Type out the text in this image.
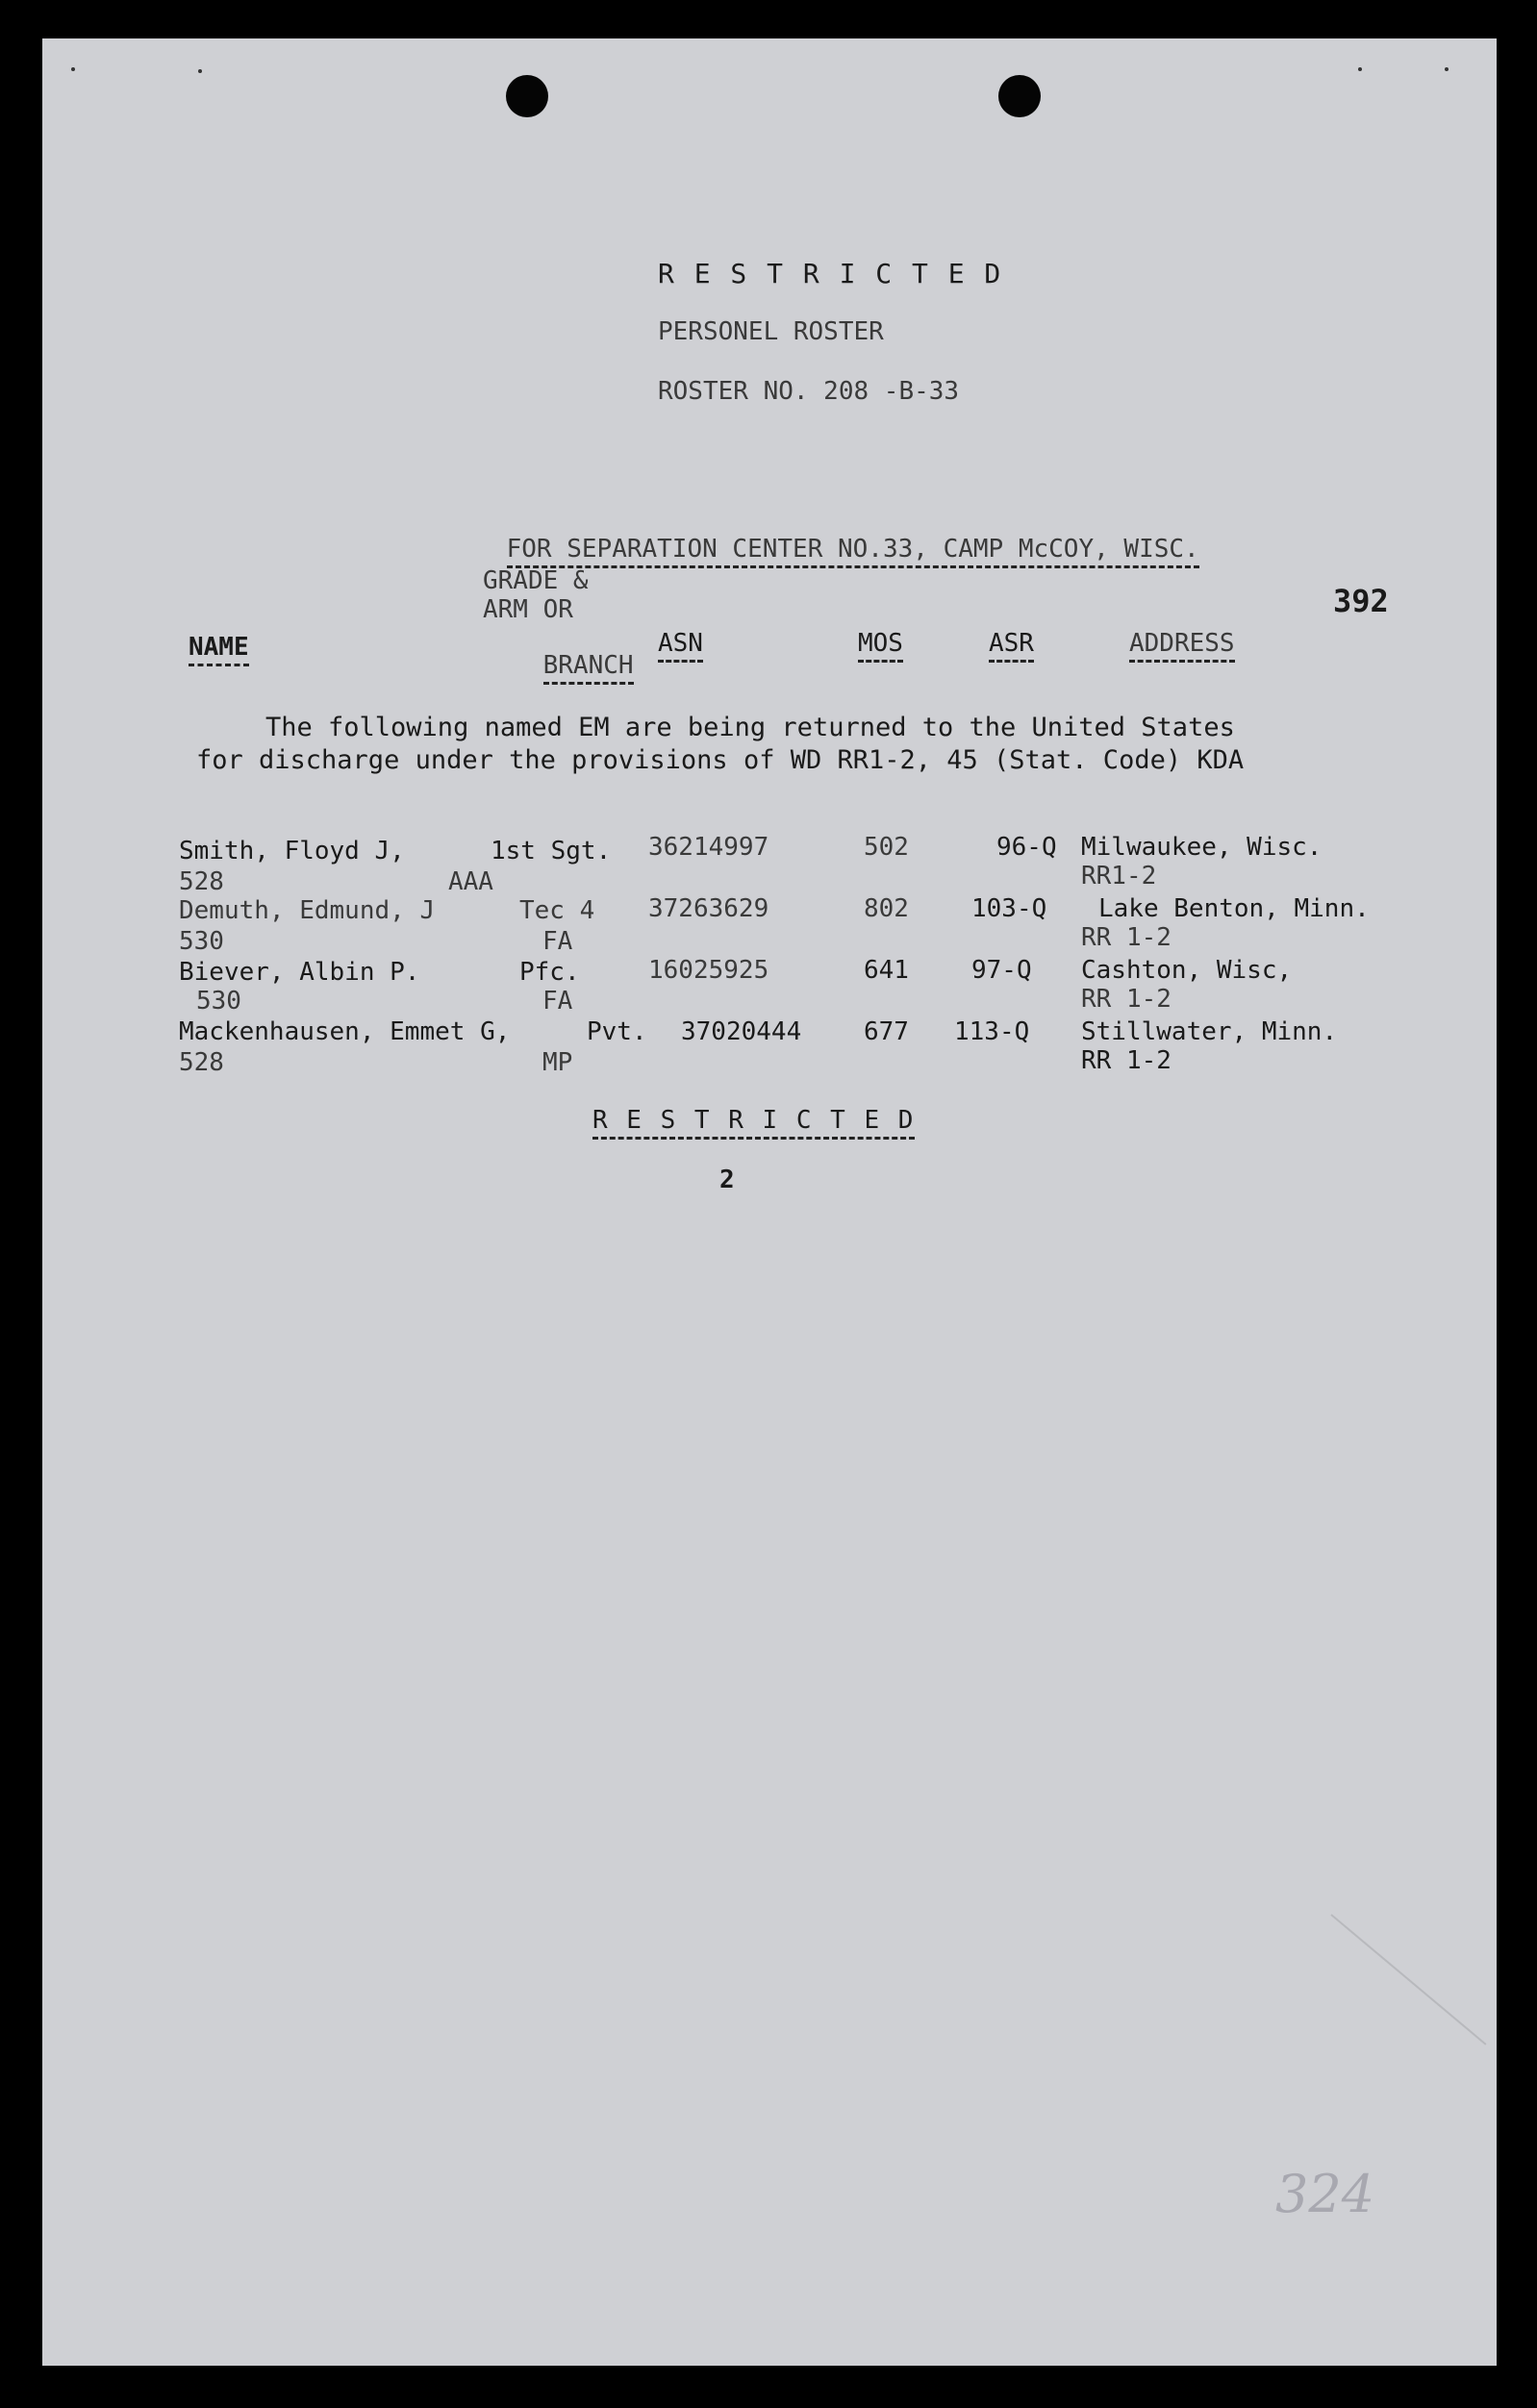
R E S T R I C T E D
PERSONEL ROSTER
ROSTER NO. 208 -B-33

FOR SEPARATION CENTER NO.33, CAMP McCOY, WISC.

392
GRADE &
ARM OR

BRANCH

NAME	ASN	MOS	ASR	ADDRESS
The following named EM are being returned to the United States
for discharge under the provisions of WD RR1-2, 45 (Stat. Code) KDA
Smith, Floyd J,	1st Sgt. 36214997	502	96-Q Milwaukee, Wisc.
528	AAA	RR1-2
Demuth, Edmund, J	Tec 4 37263629	802	103-Q Lake Benton, Minn.
530	FA	RR 1-2
Biever, Albin P.	Pfc.	16025925	641	97-Q Cashton, Wisc,
530	FA	RR 1-2
Mackenhausen, Emmet G,	Pvt. 37020444 677 113-Q Stillwater, Minn.
528	MP	RR 1-2
R E S T R I C T E D
2
324
